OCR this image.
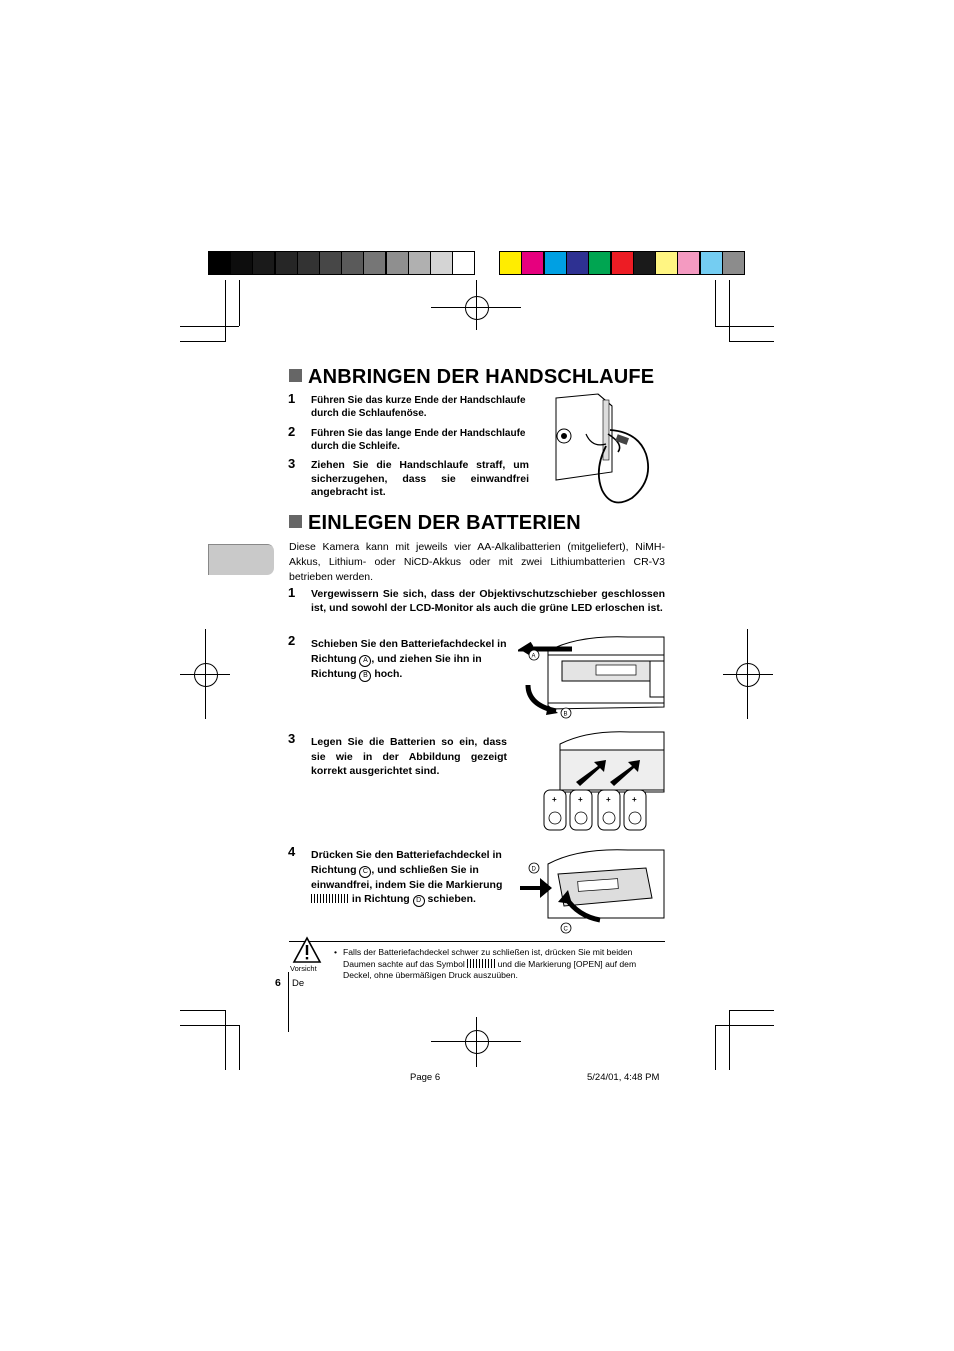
ANBRINGEN DER HANDSCHLAUFE
1 Führen Sie das kurze Ende der Handschlaufe durch die Schlaufenöse.
2 Führen Sie das lange Ende der Handschlaufe durch die Schleife.
3 Ziehen Sie die Handschlaufe straff, um sicherzugehen, dass sie einwandfrei angebracht ist.
EINLEGEN DER BATTERIEN
Diese Kamera kann mit jeweils vier AA-Alkalibatterien (mitgeliefert), NiMH-Akkus, Lithium- oder NiCD-Akkus oder mit zwei Lithiumbatterien CR-V3 betrieben werden.
1 Vergewissern Sie sich, dass der Objektivschutzschieber geschlossen ist, und sowohl der LCD-Monitor als auch die grüne LED erloschen ist.
2 Schieben Sie den Batteriefachdeckel in Richtung A , und ziehen Sie ihn in Richtung B hoch.
A
B
3 Legen Sie die Batterien so ein, dass sie wie in der Abbildung gezeigt korrekt ausgerichtet sind.
+	+	+	+
4 Drücken Sie den Batteriefachdeckel in Richtung C , und schließen Sie in einwandfrei, indem Sie die Markierung  in Richtung D schieben.
D
C
Vorsicht
• Falls der Batteriefachdeckel schwer zu schließen ist, drücken Sie mit beiden Daumen sachte auf das Symbol	und die Markierung [OPEN] auf dem Deckel, ohne übermäßigen Druck auszuüben.
6 De
Page 6	5/24/01, 4:48 PM
